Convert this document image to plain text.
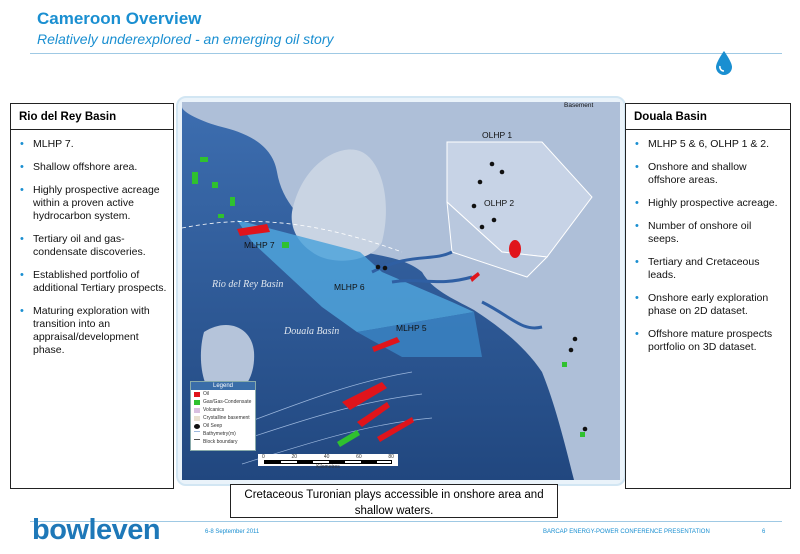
Cameroon Overview
Relatively underexplored - an emerging oil story
Rio del Rey Basin
• MLHP 7.
• Shallow offshore area.
• Highly prospective acreage within a proven active hydrocarbon system.
• Tertiary oil and gas-condensate discoveries.
• Established portfolio of additional Tertiary prospects.
• Maturing exploration with transition into an appraisal/development phase.
Basement
OLHP 1
OLHP 2
MLHP 7
MLHP 6
MLHP 5
Rio del Rey Basin
Douala Basin
Legend
Oil
Gas/Gas-Condensate
Volcanics
Crystalline basement
Oil Seep
Bathymetry(m)
Block boundary
0	20	40	60	80
Kilometres
Douala Basin
• MLHP 5 & 6, OLHP 1 & 2.
• Onshore and shallow offshore areas.
• Highly prospective acreage.
• Number of onshore oil seeps.
• Tertiary and Cretaceous leads.
• Onshore early exploration phase on 2D dataset.
• Offshore mature prospects portfolio on 3D dataset.
Cretaceous Turonian plays accessible in onshore area and shallow waters.
bowleven	6-8 September 2011	BARCAP ENERGY-POWER CONFERENCE PRESENTATION	6
